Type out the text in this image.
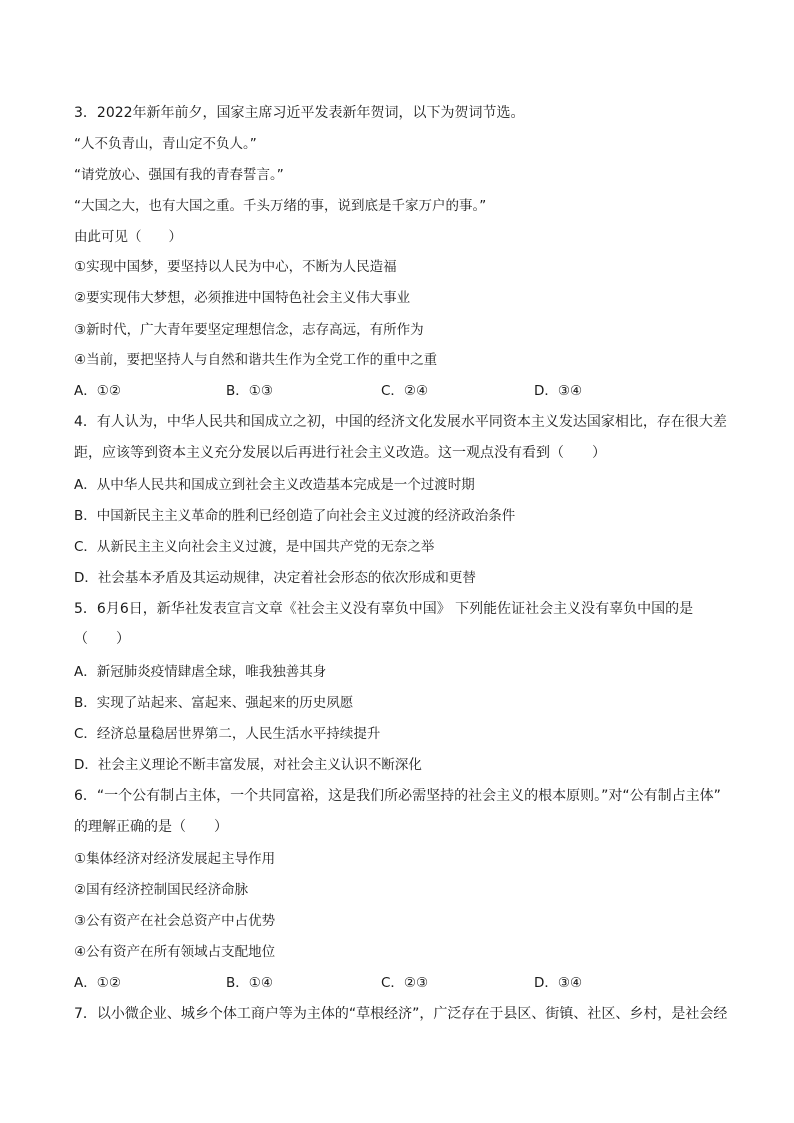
3．2022年新年前夕，国家主席习近平发表新年贺词，以下为贺词节选。
“人不负青山，青山定不负人。”
“请党放心、强国有我的青春誓言。”
“大国之大，也有大国之重。千头万绪的事，说到底是千家万户的事。”
由此可见（　　）
①实现中国梦，要坚持以人民为中心，不断为人民造福
②要实现伟大梦想，必须推进中国特色社会主义伟大事业
③新时代，广大青年要坚定理想信念，志存高远，有所作为
④当前，要把坚持人与自然和谐共生作为全党工作的重中之重
A．①②	B．①③	C．②④	D．③④
4．有人认为，中华人民共和国成立之初，中国的经济文化发展水平同资本主义发达国家相比，存在很大差
距，应该等到资本主义充分发展以后再进行社会主义改造。这一观点没有看到（　　）
A．从中华人民共和国成立到社会主义改造基本完成是一个过渡时期
B．中国新民主主义革命的胜利已经创造了向社会主义过渡的经济政治条件
C．从新民主主义向社会主义过渡，是中国共产党的无奈之举
D．社会基本矛盾及其运动规律，决定着社会形态的依次形成和更替
5．6月6日，新华社发表宣言文章《社会主义没有辜负中国》 下列能佐证社会主义没有辜负中国的是
（　　）
A．新冠肺炎疫情肆虐全球，唯我独善其身
B．实现了站起来、富起来、强起来的历史夙愿
C．经济总量稳居世界第二，人民生活水平持续提升
D．社会主义理论不断丰富发展，对社会主义认识不断深化
6．“一个公有制占主体，一个共同富裕，这是我们所必需坚持的社会主义的根本原则。”对“公有制占主体”
的理解正确的是（　　）
①集体经济对经济发展起主导作用
②国有经济控制国民经济命脉
③公有资产在社会总资产中占优势
④公有资产在所有领域占支配地位
A．①②	B．①④	C．②③	D．③④
7．以小微企业、城乡个体工商户等为主体的“草根经济”，广泛存在于县区、街镇、社区、乡村，是社会经
